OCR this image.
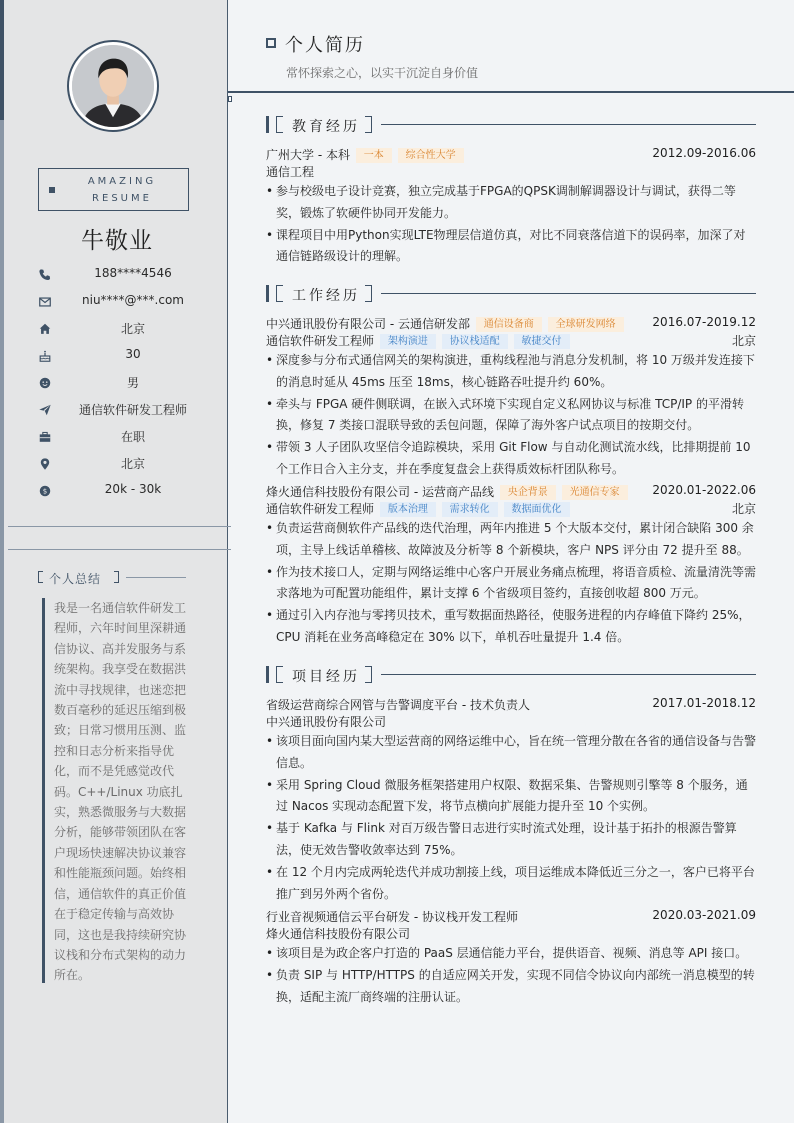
AMAZING RESUME
牛敬业
188****4546
niu****@***.com
北京
30
男
通信软件研发工程师
在职
北京
$	20k - 30k
个人总结
我是一名通信软件研发工程师，六年时间里深耕通信协议、高并发服务与系统架构。我享受在数据洪流中寻找规律，也迷恋把数百毫秒的延迟压缩到极致；日常习惯用压测、监控和日志分析来指导优化，而不是凭感觉改代码。C++/Linux 功底扎实，熟悉微服务与大数据分析，能够带领团队在客户现场快速解决协议兼容和性能瓶颈问题。始终相信，通信软件的真正价值在于稳定传输与高效协同，这也是我持续研究协议栈和分布式架构的动力所在。
个人简历
常怀探索之心，以实干沉淀自身价值
教育经历
广州大学 - 本科 一本 综合性大学	2012.09-2016.06
通信工程
• 参与校级电子设计竞赛，独立完成基于FPGA的QPSK调制解调器设计与调试，获得二等奖，锻炼了软硬件协同开发能力。
• 课程项目中用Python实现LTE物理层信道仿真，对比不同衰落信道下的误码率，加深了对通信链路级设计的理解。
工作经历
中兴通讯股份有限公司 - 云通信研发部 通信设备商 全球研发网络	2016.07-2019.12
通信软件研发工程师 架构演进 协议栈适配 敏捷交付	北京
• 深度参与分布式通信网关的架构演进，重构线程池与消息分发机制，将 10 万级并发连接下的消息时延从 45ms 压至 18ms，核心链路吞吐提升约 60%。
• 牵头与 FPGA 硬件侧联调，在嵌入式环境下实现自定义私网协议与标准 TCP/IP 的平滑转换，修复 7 类接口混联导致的丢包问题，保障了海外客户试点项目的按期交付。
• 带领 3 人子团队攻坚信令追踪模块，采用 Git Flow 与自动化测试流水线，比排期提前 10 个工作日合入主分支，并在季度复盘会上获得质效标杆团队称号。
烽火通信科技股份有限公司 - 运营商产品线 央企背景 光通信专家	2020.01-2022.06
通信软件研发工程师 版本治理 需求转化 数据面优化	北京
• 负责运营商侧软件产品线的迭代治理，两年内推进 5 个大版本交付，累计闭合缺陷 300 余项，主导上线话单稽核、故障波及分析等 8 个新模块，客户 NPS 评分由 72 提升至 88。
• 作为技术接口人，定期与网络运维中心客户开展业务痛点梳理，将语音质检、流量清洗等需求落地为可配置功能组件，累计支撑 6 个省级项目签约，直接创收超 800 万元。
• 通过引入内存池与零拷贝技术，重写数据面热路径，使服务进程的内存峰值下降约 25%，CPU 消耗在业务高峰稳定在 30% 以下，单机吞吐量提升 1.4 倍。
项目经历
省级运营商综合网管与告警调度平台 - 技术负责人	2017.01-2018.12
中兴通讯股份有限公司
• 该项目面向国内某大型运营商的网络运维中心，旨在统一管理分散在各省的通信设备与告警信息。
• 采用 Spring Cloud 微服务框架搭建用户权限、数据采集、告警规则引擎等 8 个服务，通过 Nacos 实现动态配置下发，将节点横向扩展能力提升至 10 个实例。
• 基于 Kafka 与 Flink 对百万级告警日志进行实时流式处理，设计基于拓扑的根源告警算法，使无效告警收敛率达到 75%。
• 在 12 个月内完成两轮迭代并成功割接上线，项目运维成本降低近三分之一，客户已将平台推广到另外两个省份。
行业音视频通信云平台研发 - 协议栈开发工程师	2020.03-2021.09
烽火通信科技股份有限公司
• 该项目是为政企客户打造的 PaaS 层通信能力平台，提供语音、视频、消息等 API 接口。
• 负责 SIP 与 HTTP/HTTPS 的自适应网关开发，实现不同信令协议向内部统一消息模型的转换，适配主流厂商终端的注册认证。
